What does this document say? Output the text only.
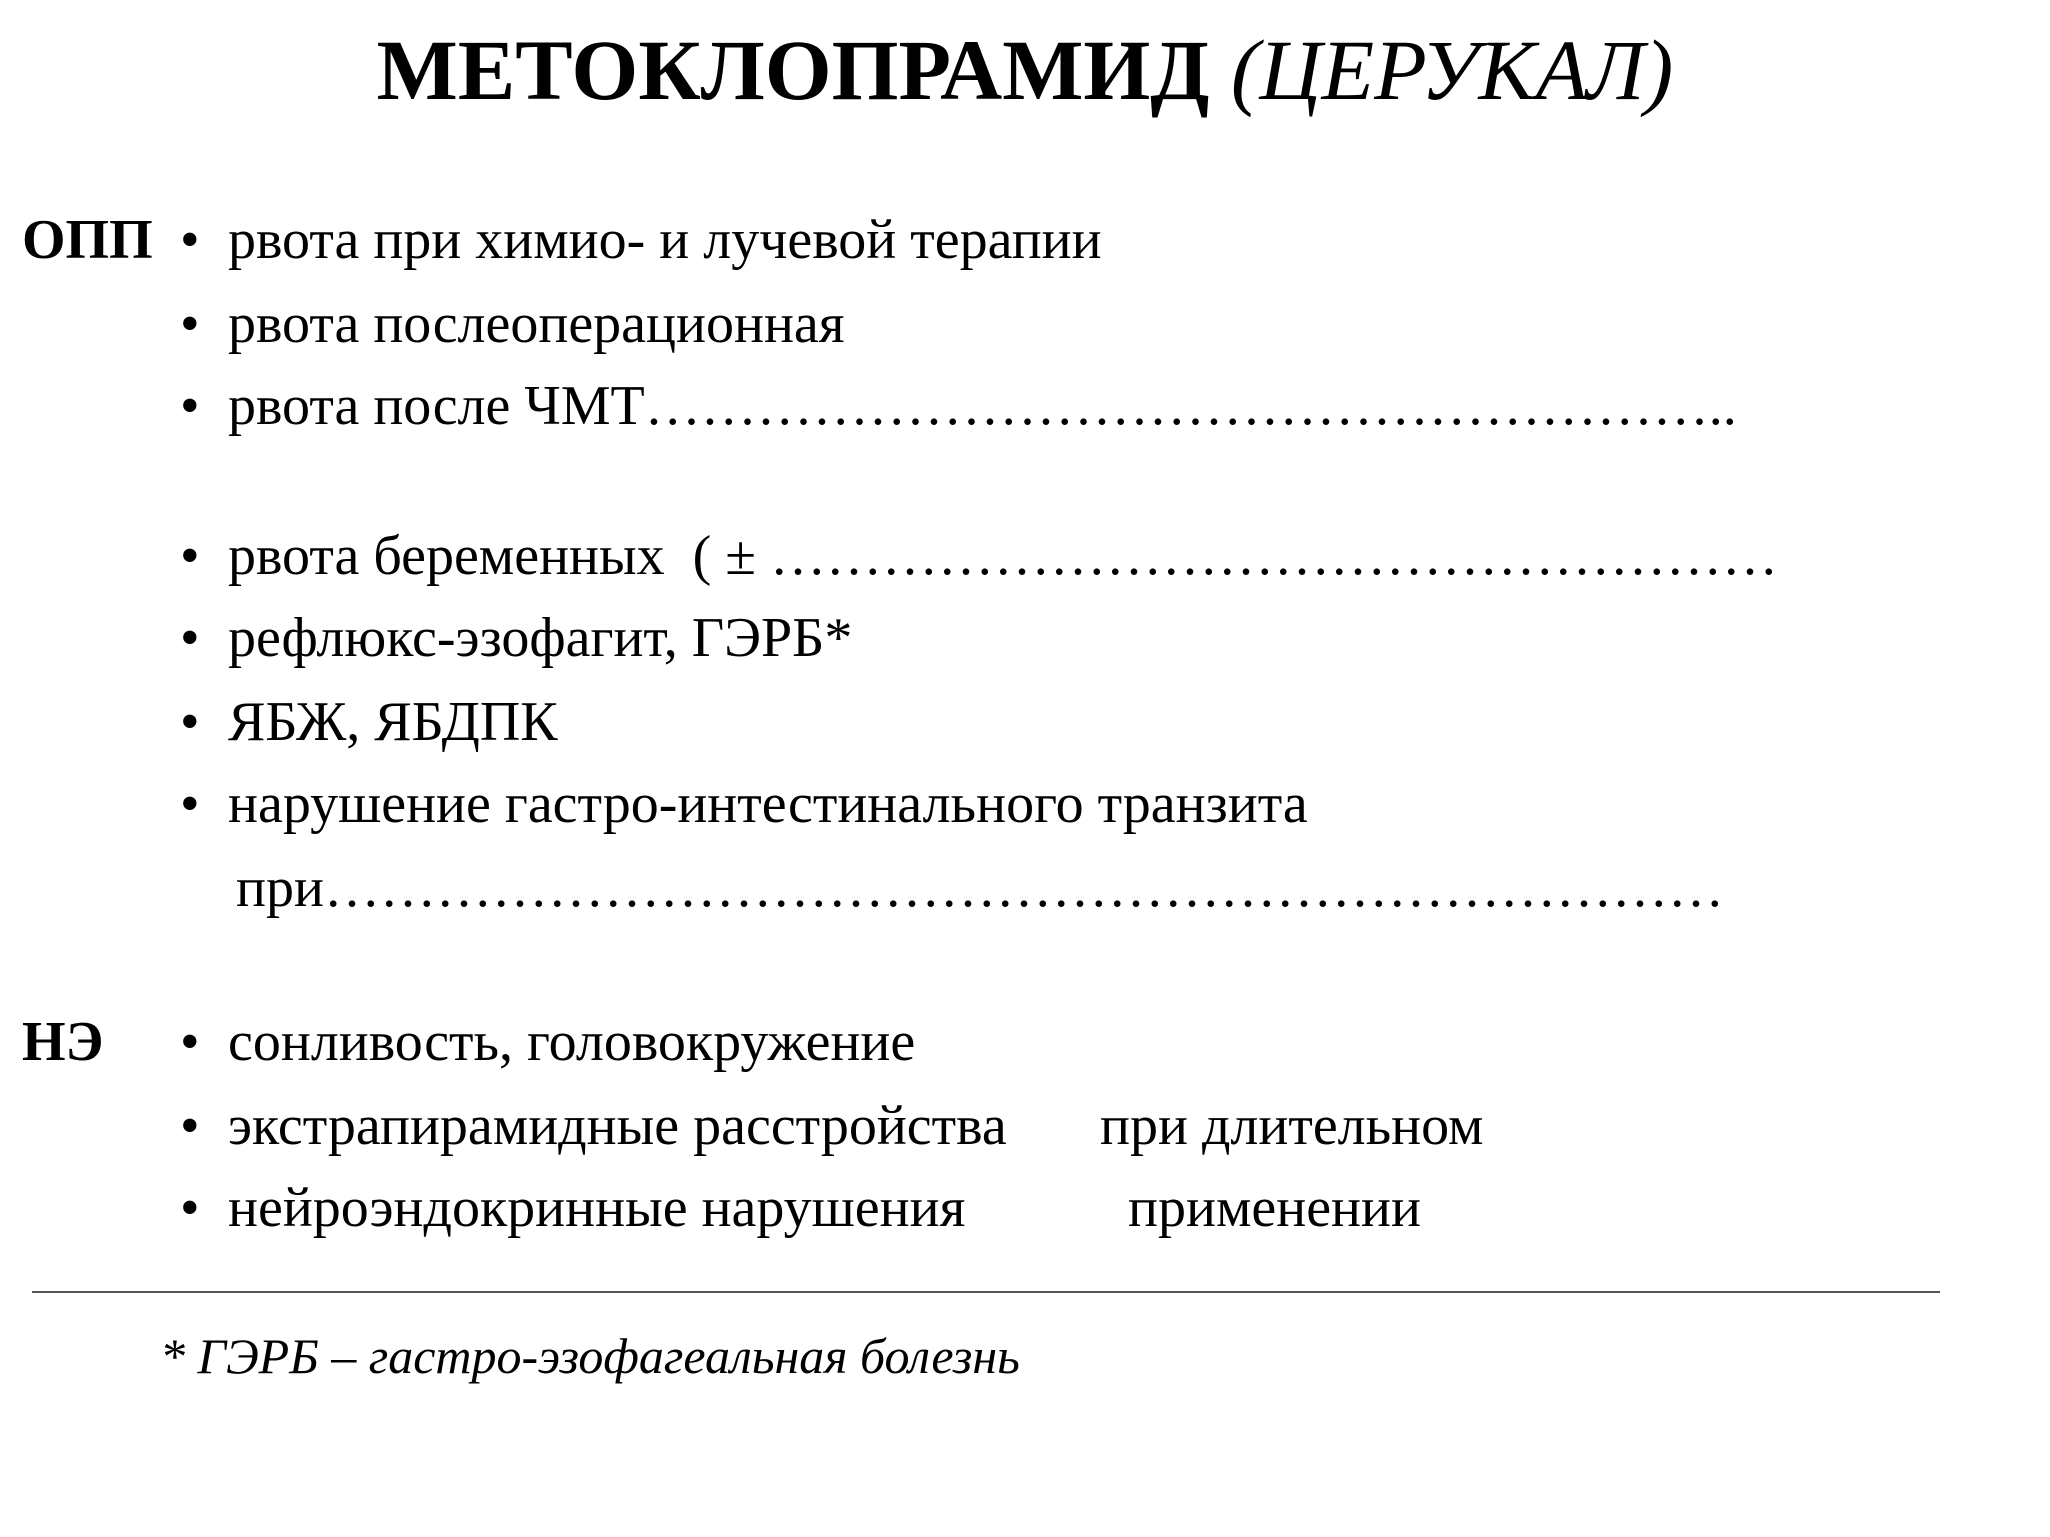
МЕТОКЛОПРАМИД (ЦЕРУКАЛ)
ОПП • рвота при химио- и лучевой терапии
• рвота послеоперационная
• рвота после ЧМТ…………………………………………………..
• рвота беременных  ( ± ………………………………………………
• рефлюкс-эзофагит, ГЭРБ*
• ЯБЖ, ЯБДПК
• нарушение гастро-интестинального транзита
при…………………………………………………………………
НЭ • сонливость, головокружение
• экстрапирамидные расстройства при длительном
• нейроэндокринные нарушения	применении
* ГЭРБ – гастро-эзофагеальная болезнь
